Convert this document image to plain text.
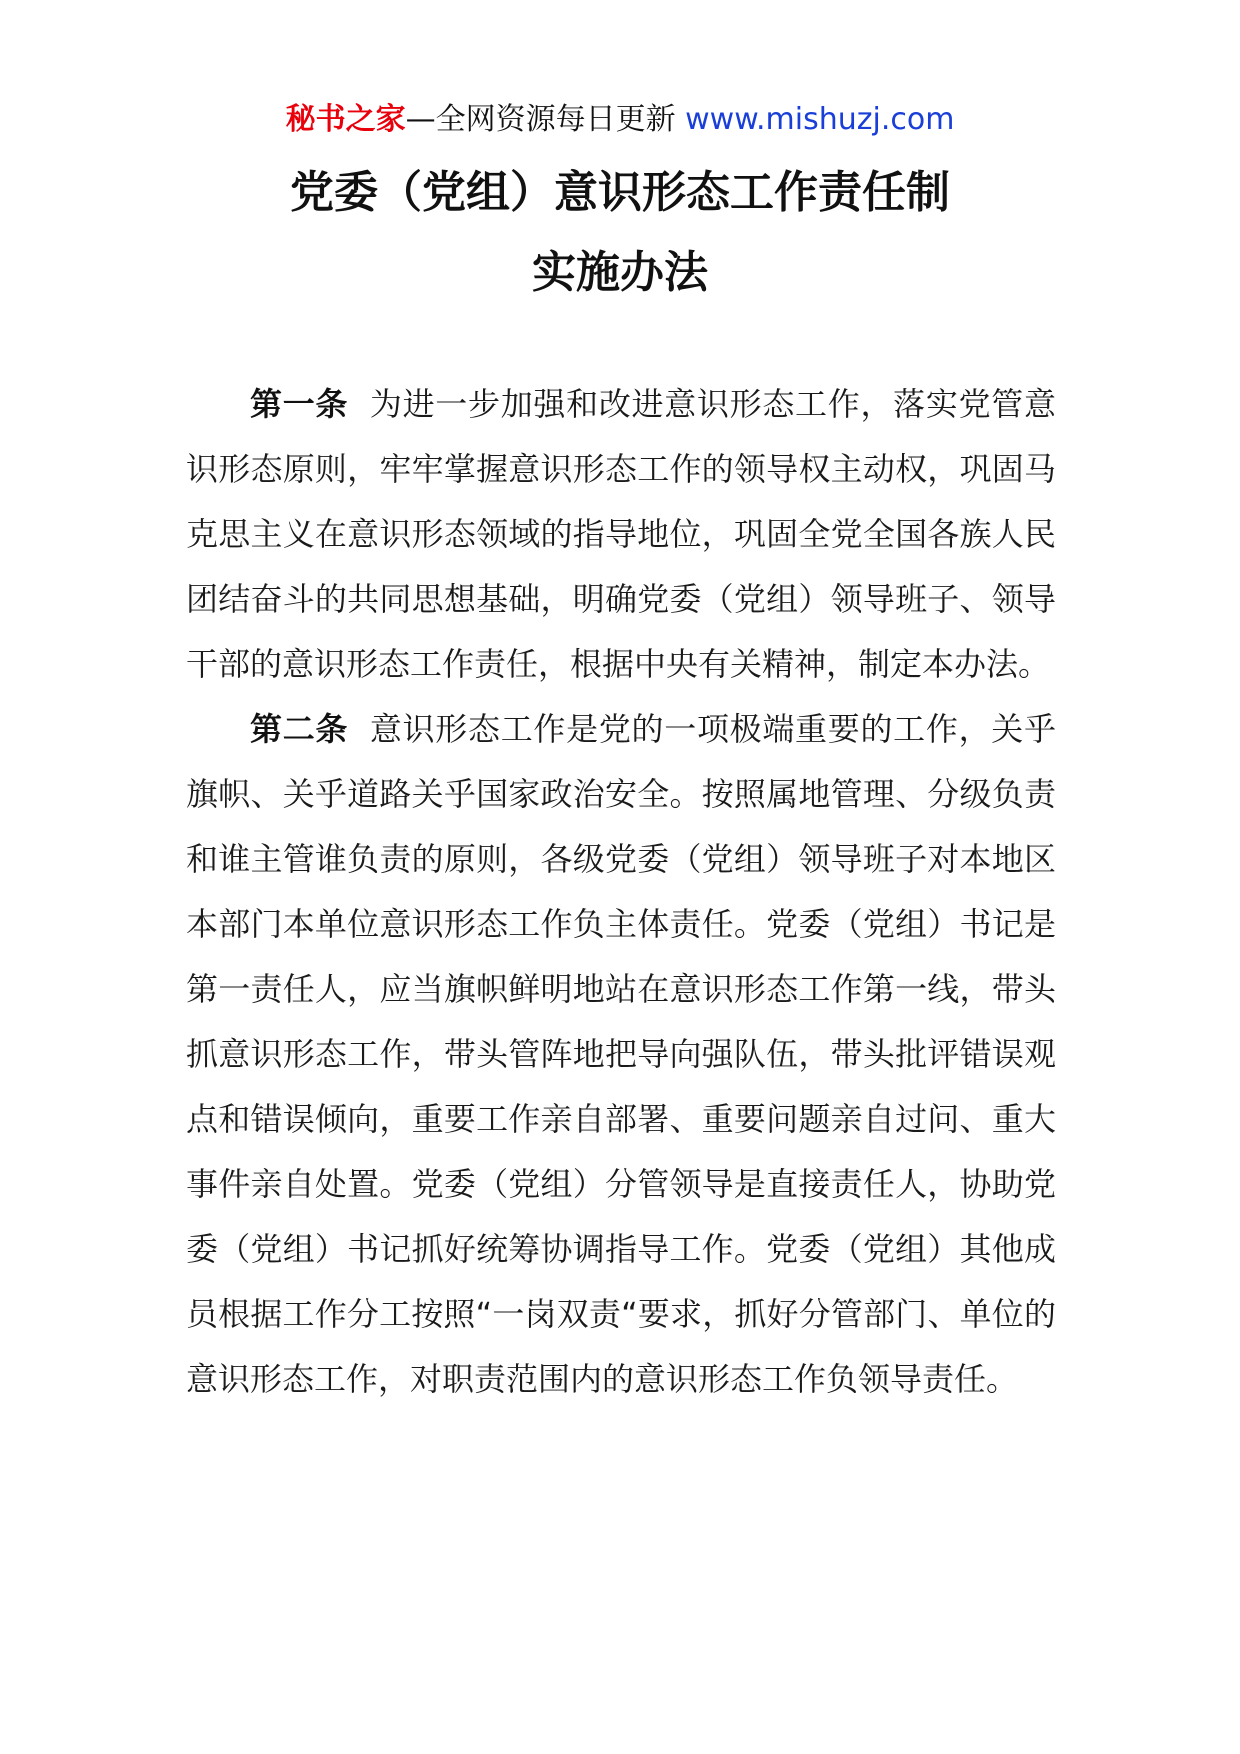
秘书之家—全网资源每日更新 www.mishuzj.com
党委（党组）意识形态工作责任制
实施办法

第一条 为进一步加强和改进意识形态工作，落实党管意识形态原则，牢牢掌握意识形态工作的领导权主动权，巩固马克思主义在意识形态领域的指导地位，巩固全党全国各族人民团结奋斗的共同思想基础，明确党委（党组）领导班子、领导干部的意识形态工作责任，根据中央有关精神，制定本办法。

第二条 意识形态工作是党的一项极端重要的工作，关乎旗帜、关乎道路关乎国家政治安全。按照属地管理、分级负责和谁主管谁负责的原则，各级党委（党组）领导班子对本地区本部门本单位意识形态工作负主体责任。党委（党组）书记是第一责任人，应当旗帜鲜明地站在意识形态工作第一线，带头抓意识形态工作，带头管阵地把导向强队伍，带头批评错误观点和错误倾向，重要工作亲自部署、重要问题亲自过问、重大事件亲自处置。党委（党组）分管领导是直接责任人，协助党委（党组）书记抓好统筹协调指导工作。党委（党组）其他成员根据工作分工按照“一岗双责“要求，抓好分管部门、单位的意识形态工作，对职责范围内的意识形态工作负领导责任。
